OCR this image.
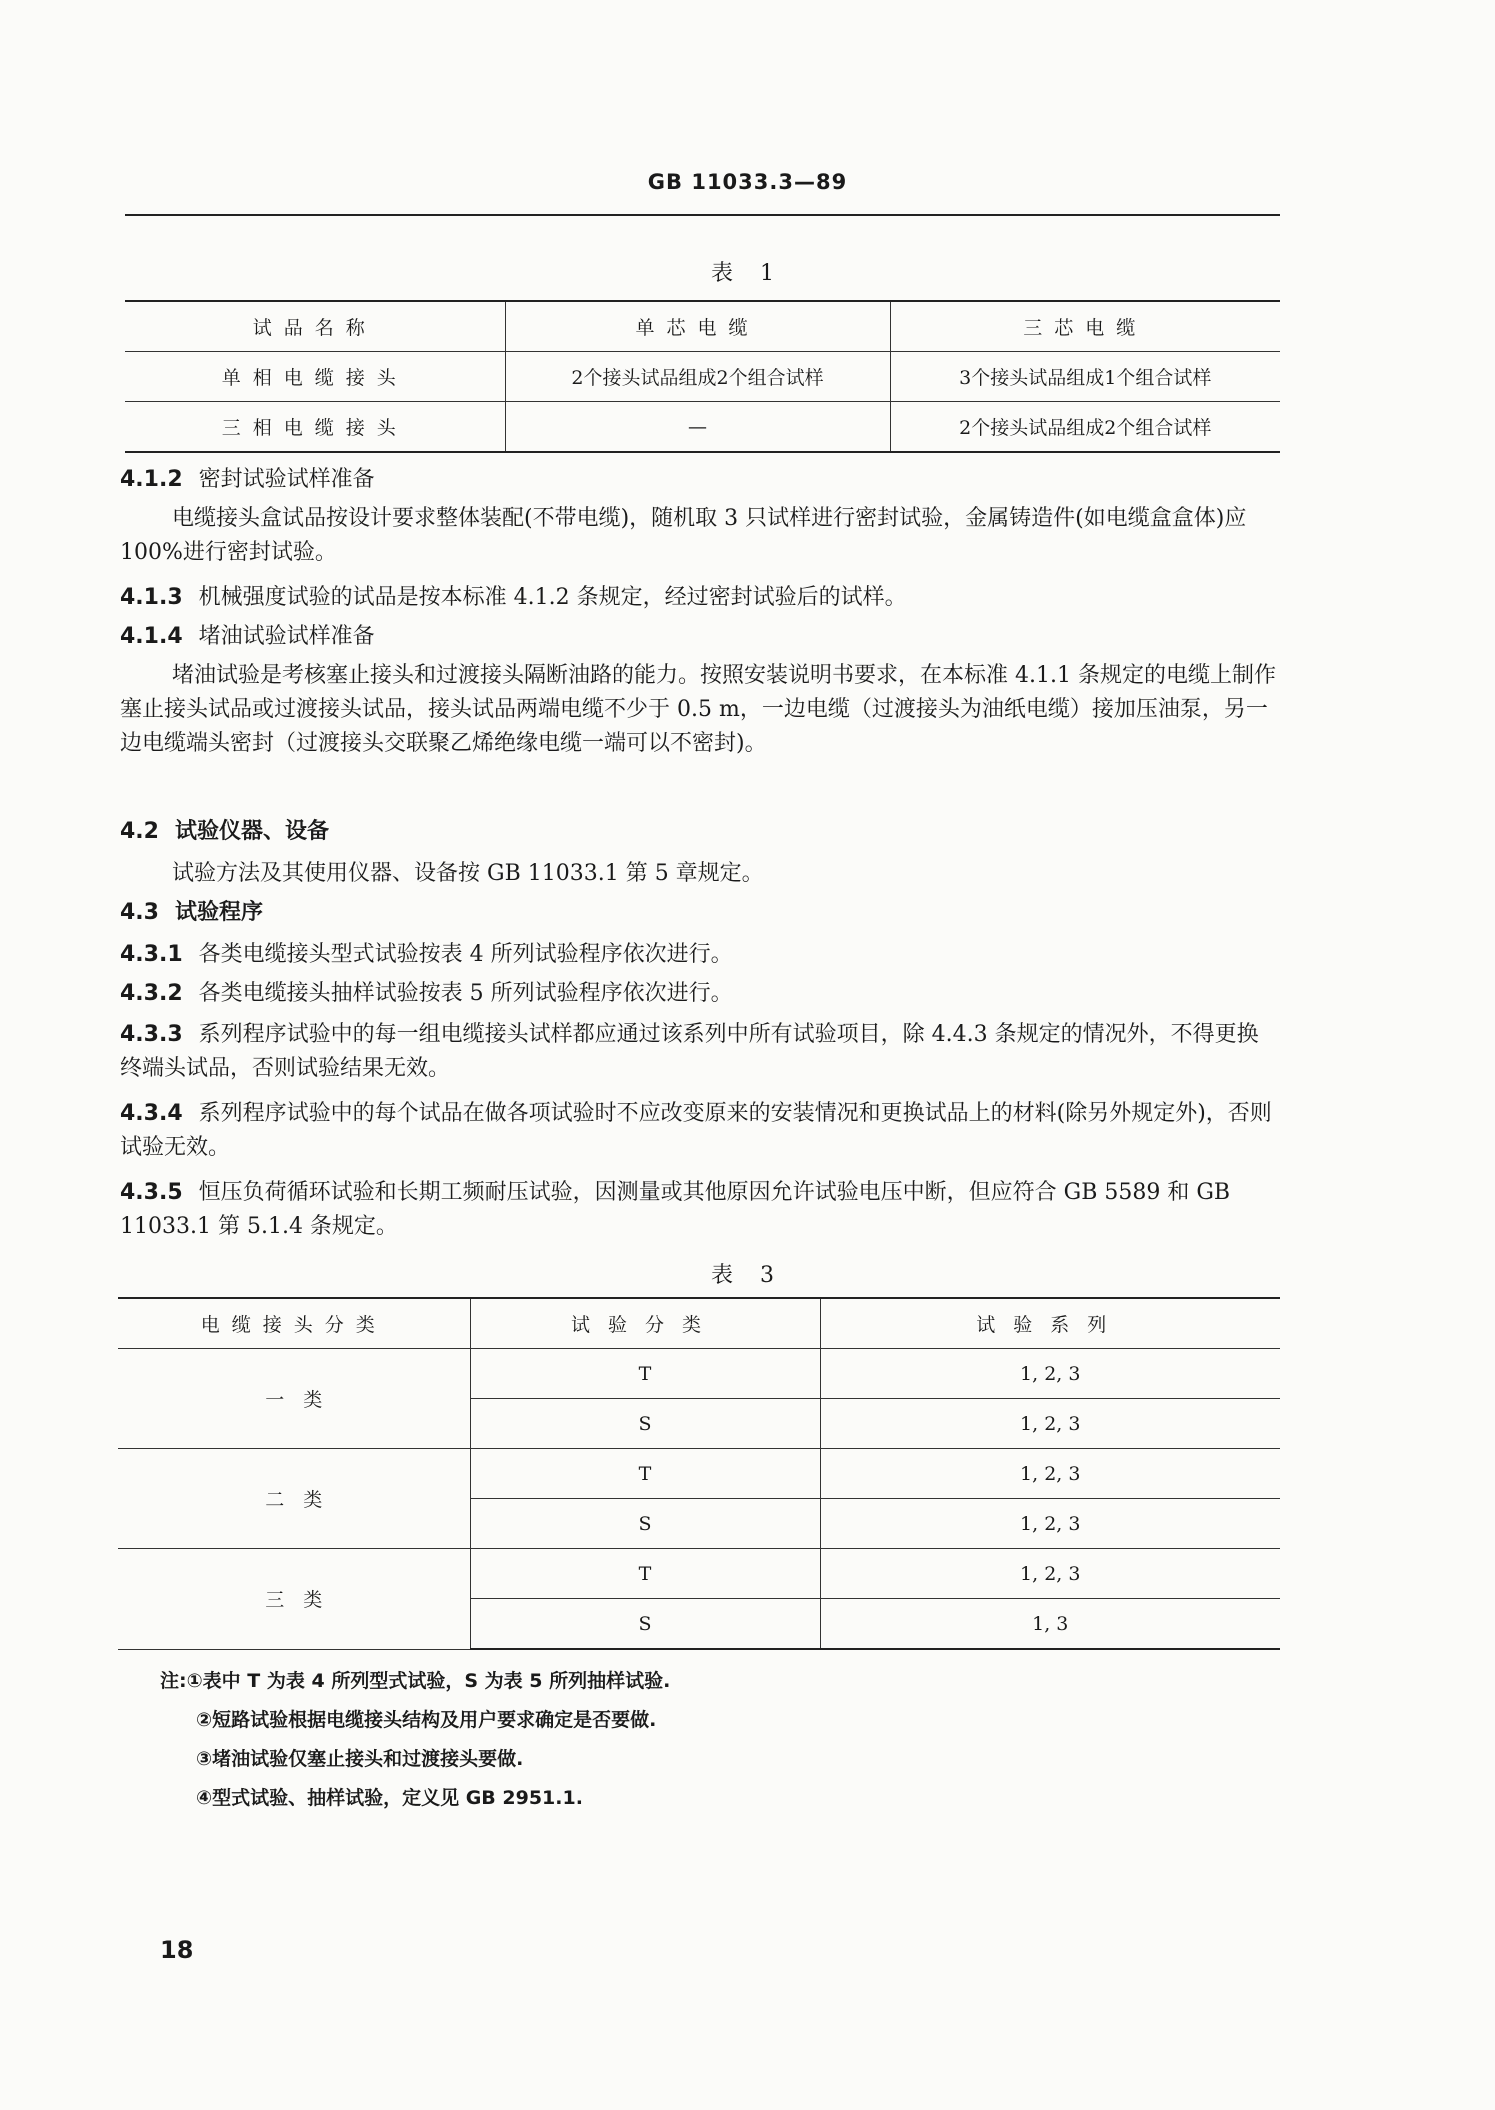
GB 11033.3—89
表 1
试品名称	单芯电缆	三芯电缆
单相电缆接头	2个接头试品组成2个组合试样	3个接头试品组成1个组合试样
三相电缆接头	—	2个接头试品组成2个组合试样
4.1.2 密封试验试样准备
电缆接头盒试品按设计要求整体装配(不带电缆)，随机取 3 只试样进行密封试验，金属铸造件(如电缆盒盒体)应 100%进行密封试验。
4.1.3 机械强度试验的试品是按本标准 4.1.2 条规定，经过密封试验后的试样。
4.1.4 堵油试验试样准备
堵油试验是考核塞止接头和过渡接头隔断油路的能力。按照安装说明书要求，在本标准 4.1.1 条规定的电缆上制作塞止接头试品或过渡接头试品，接头试品两端电缆不少于 0.5 m，一边电缆（过渡接头为油纸电缆）接加压油泵，另一边电缆端头密封（过渡接头交联聚乙烯绝缘电缆一端可以不密封)。
4.2 试验仪器、设备
试验方法及其使用仪器、设备按 GB 11033.1 第 5 章规定。
4.3 试验程序
4.3.1 各类电缆接头型式试验按表 4 所列试验程序依次进行。
4.3.2 各类电缆接头抽样试验按表 5 所列试验程序依次进行。
4.3.3 系列程序试验中的每一组电缆接头试样都应通过该系列中所有试验项目，除 4.4.3 条规定的情况外，不得更换终端头试品，否则试验结果无效。
4.3.4 系列程序试验中的每个试品在做各项试验时不应改变原来的安装情况和更换试品上的材料(除另外规定外)，否则试验无效。
4.3.5 恒压负荷循环试验和长期工频耐压试验，因测量或其他原因允许试验电压中断，但应符合 GB 5589 和 GB 11033.1 第 5.1.4 条规定。
表 3
电缆接头分类	试验分类	试验系列
一　类	T	1, 2, 3
	S	1, 2, 3
二　类	T	1, 2, 3
	S	1, 2, 3
三　类	T	1, 2, 3
	S	1, 3
注:①表中 T 为表 4 所列型式试验，S 为表 5 所列抽样试验.
②短路试验根据电缆接头结构及用户要求确定是否要做.
③堵油试验仅塞止接头和过渡接头要做.
④型式试验、抽样试验，定义见 GB 2951.1.
18
